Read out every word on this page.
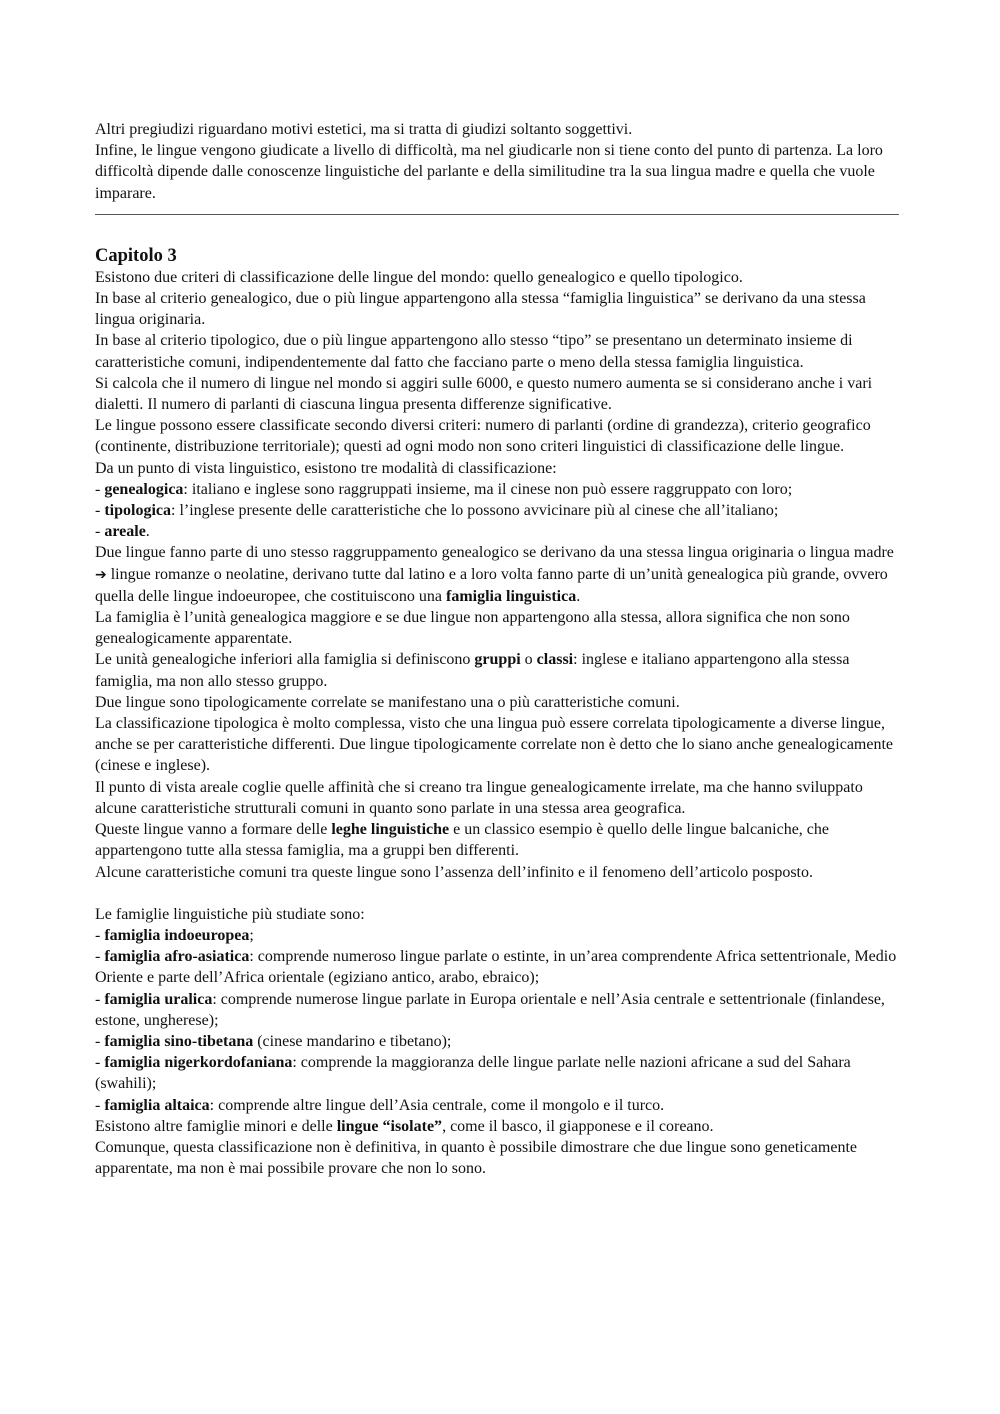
Altri pregiudizi riguardano motivi estetici, ma si tratta di giudizi soltanto soggettivi.

Infine, le lingue vengono giudicate a livello di difficoltà, ma nel giudicarle non si tiene conto del punto di partenza. La loro difficoltà dipende dalle conoscenze linguistiche del parlante e della similitudine tra la sua lingua madre e quella che vuole imparare.

Capitolo 3

Esistono due criteri di classificazione delle lingue del mondo: quello genealogico e quello tipologico.

In base al criterio genealogico, due o più lingue appartengono alla stessa “famiglia linguistica” se derivano da una stessa lingua originaria.

In base al criterio tipologico, due o più lingue appartengono allo stesso “tipo” se presentano un determinato insieme di caratteristiche comuni, indipendentemente dal fatto che facciano parte o meno della stessa famiglia linguistica.

Si calcola che il numero di lingue nel mondo si aggiri sulle 6000, e questo numero aumenta se si considerano anche i vari dialetti. Il numero di parlanti di ciascuna lingua presenta differenze significative.

Le lingue possono essere classificate secondo diversi criteri: numero di parlanti (ordine di grandezza), criterio geografico (continente, distribuzione territoriale); questi ad ogni modo non sono criteri linguistici di classificazione delle lingue.

Da un punto di vista linguistico, esistono tre modalità di classificazione:

- genealogica: italiano e inglese sono raggruppati insieme, ma il cinese non può essere raggruppato con loro;

- tipologica: l’inglese presente delle caratteristiche che lo possono avvicinare più al cinese che all’italiano;

- areale.

Due lingue fanno parte di uno stesso raggruppamento genealogico se derivano da una stessa lingua originaria o lingua madre ➔ lingue romanze o neolatine, derivano tutte dal latino e a loro volta fanno parte di un’unità genealogica più grande, ovvero quella delle lingue indoeuropee, che costituiscono una famiglia linguistica.

La famiglia è l’unità genealogica maggiore e se due lingue non appartengono alla stessa, allora significa che non sono genealogicamente apparentate.

Le unità genealogiche inferiori alla famiglia si definiscono gruppi o classi: inglese e italiano appartengono alla stessa famiglia, ma non allo stesso gruppo.

Due lingue sono tipologicamente correlate se manifestano una o più caratteristiche comuni.

La classificazione tipologica è molto complessa, visto che una lingua può essere correlata tipologicamente a diverse lingue, anche se per caratteristiche differenti. Due lingue tipologicamente correlate non è detto che lo siano anche genealogicamente (cinese e inglese).

Il punto di vista areale coglie quelle affinità che si creano tra lingue genealogicamente irrelate, ma che hanno sviluppato alcune caratteristiche strutturali comuni in quanto sono parlate in una stessa area geografica.

Queste lingue vanno a formare delle leghe linguistiche e un classico esempio è quello delle lingue balcaniche, che appartengono tutte alla stessa famiglia, ma a gruppi ben differenti.

Alcune caratteristiche comuni tra queste lingue sono l’assenza dell’infinito e il fenomeno dell’articolo posposto.

Le famiglie linguistiche più studiate sono:

- famiglia indoeuropea;

- famiglia afro-asiatica: comprende numeroso lingue parlate o estinte, in un’area comprendente Africa settentrionale, Medio Oriente e parte dell’Africa orientale (egiziano antico, arabo, ebraico);

- famiglia uralica: comprende numerose lingue parlate in Europa orientale e nell’Asia centrale e settentrionale (finlandese, estone, ungherese);

- famiglia sino-tibetana (cinese mandarino e tibetano);

- famiglia nigerkordofaniana: comprende la maggioranza delle lingue parlate nelle nazioni africane a sud del Sahara (swahili);

- famiglia altaica: comprende altre lingue dell’Asia centrale, come il mongolo e il turco.

Esistono altre famiglie minori e delle lingue “isolate”, come il basco, il giapponese e il coreano.

Comunque, questa classificazione non è definitiva, in quanto è possibile dimostrare che due lingue sono geneticamente apparentate, ma non è mai possibile provare che non lo sono.
